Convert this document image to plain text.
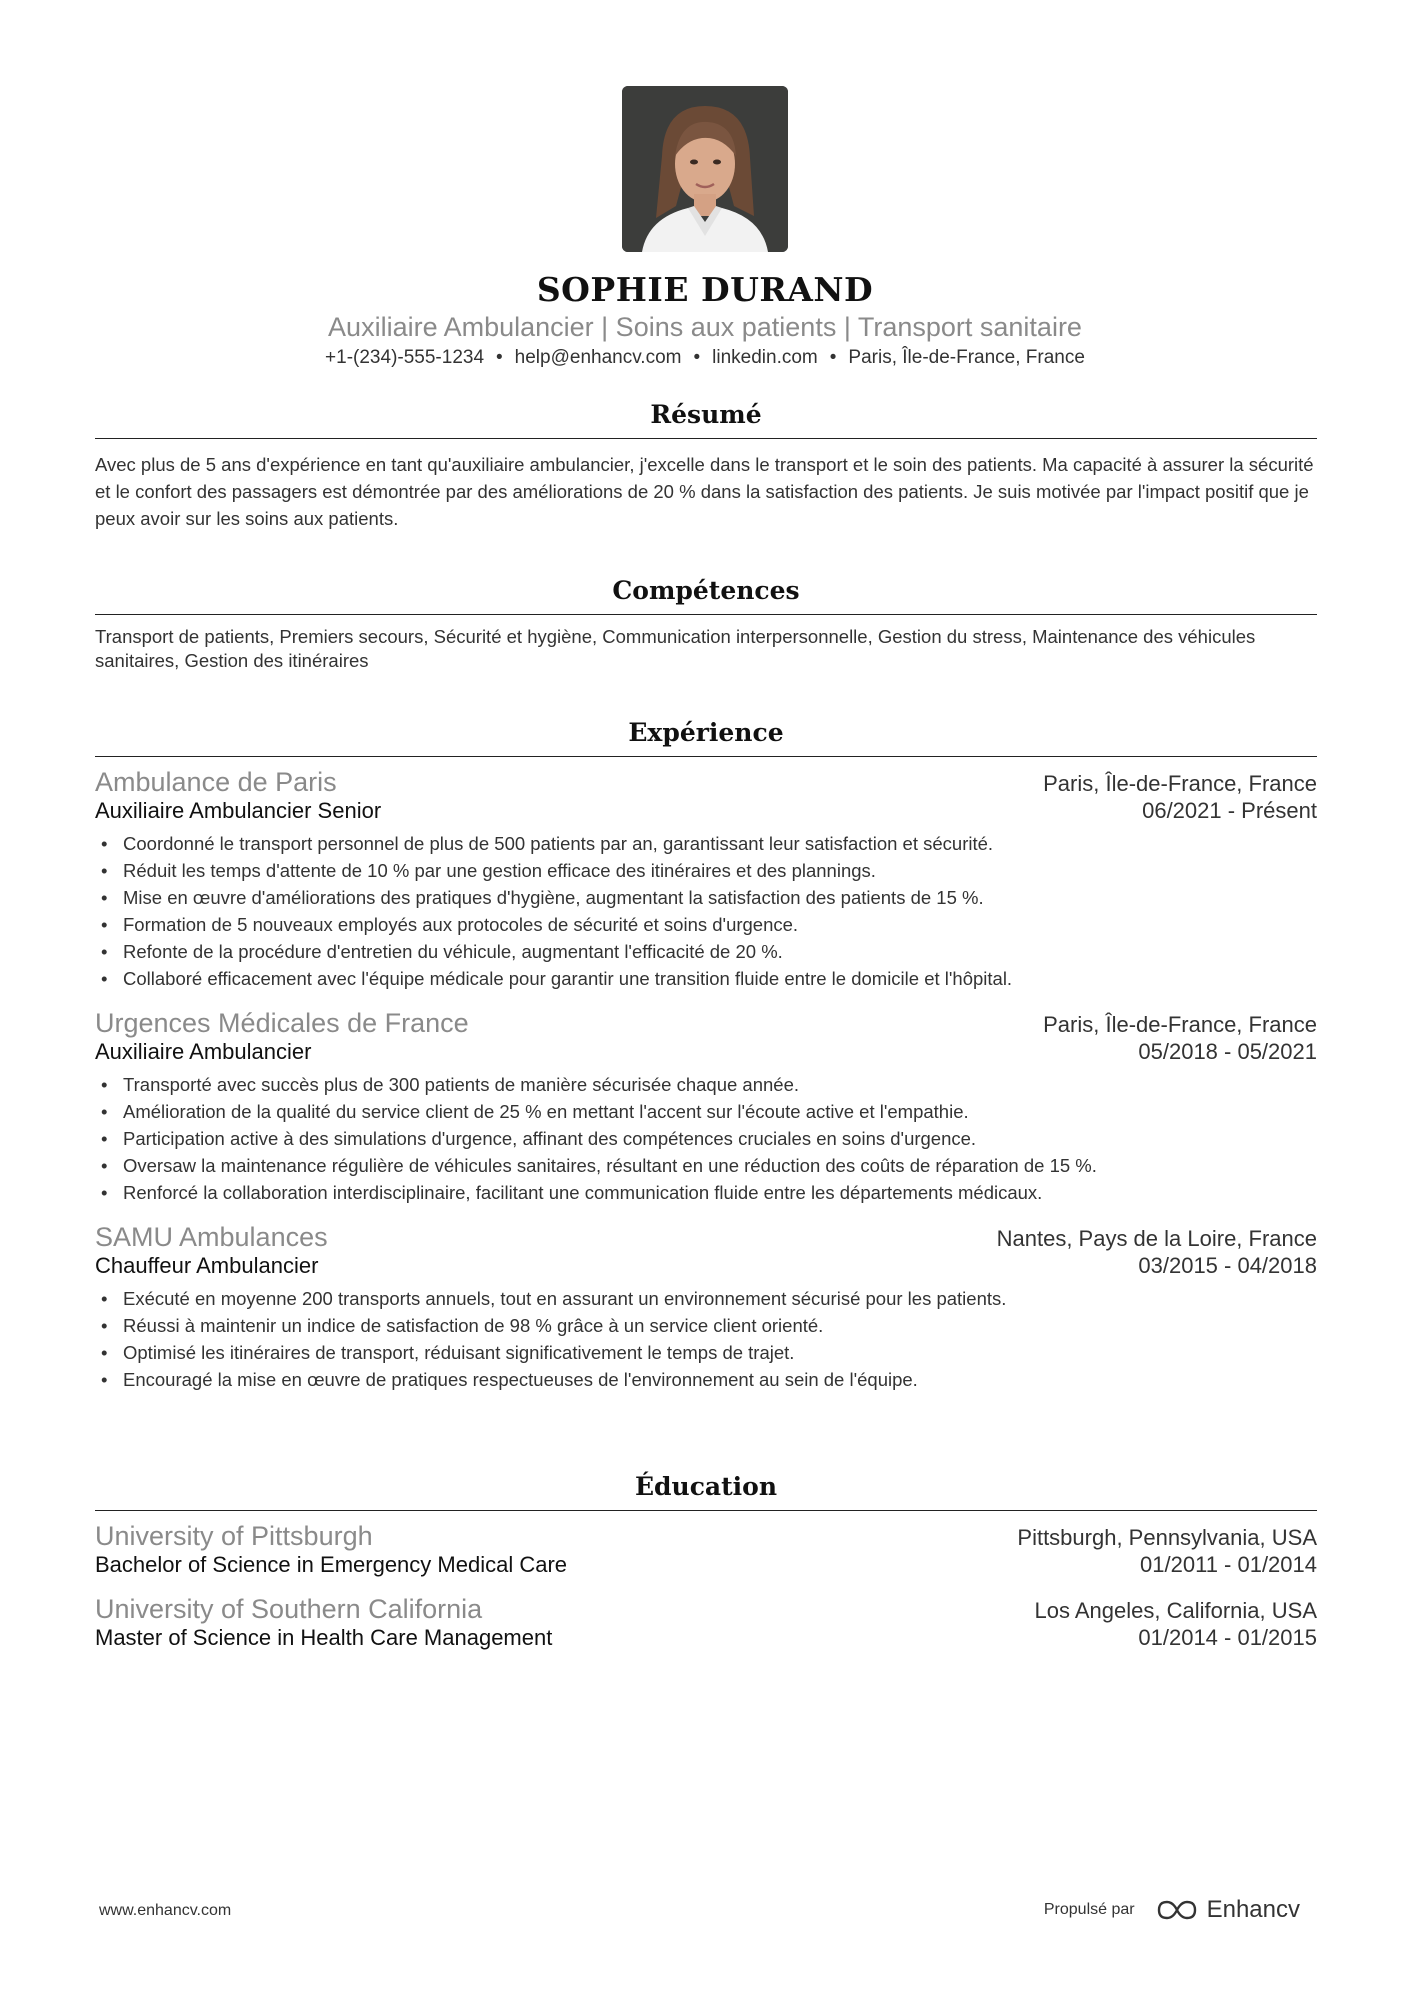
SOPHIE DURAND
Auxiliaire Ambulancier | Soins aux patients | Transport sanitaire
+1-(234)-555-1234 • help@enhancv.com • linkedin.com • Paris, Île-de-France, France
Résumé
Avec plus de 5 ans d'expérience en tant qu'auxiliaire ambulancier, j'excelle dans le transport et le soin des patients. Ma capacité à assurer la sécurité et le confort des passagers est démontrée par des améliorations de 20 % dans la satisfaction des patients. Je suis motivée par l'impact positif que je peux avoir sur les soins aux patients.
Compétences
Transport de patients, Premiers secours, Sécurité et hygiène, Communication interpersonnelle, Gestion du stress, Maintenance des véhicules sanitaires, Gestion des itinéraires
Expérience
Ambulance de Paris	Paris, Île-de-France, France
Auxiliaire Ambulancier Senior	06/2021 - Présent
• Coordonné le transport personnel de plus de 500 patients par an, garantissant leur satisfaction et sécurité.
• Réduit les temps d'attente de 10 % par une gestion efficace des itinéraires et des plannings.
• Mise en œuvre d'améliorations des pratiques d'hygiène, augmentant la satisfaction des patients de 15 %.
• Formation de 5 nouveaux employés aux protocoles de sécurité et soins d'urgence.
• Refonte de la procédure d'entretien du véhicule, augmentant l'efficacité de 20 %.
• Collaboré efficacement avec l'équipe médicale pour garantir une transition fluide entre le domicile et l'hôpital.
Urgences Médicales de France	Paris, Île-de-France, France
Auxiliaire Ambulancier	05/2018 - 05/2021
• Transporté avec succès plus de 300 patients de manière sécurisée chaque année.
• Amélioration de la qualité du service client de 25 % en mettant l'accent sur l'écoute active et l'empathie.
• Participation active à des simulations d'urgence, affinant des compétences cruciales en soins d'urgence.
• Oversaw la maintenance régulière de véhicules sanitaires, résultant en une réduction des coûts de réparation de 15 %.
• Renforcé la collaboration interdisciplinaire, facilitant une communication fluide entre les départements médicaux.
SAMU Ambulances	Nantes, Pays de la Loire, France
Chauffeur Ambulancier	03/2015 - 04/2018
• Exécuté en moyenne 200 transports annuels, tout en assurant un environnement sécurisé pour les patients.
• Réussi à maintenir un indice de satisfaction de 98 % grâce à un service client orienté.
• Optimisé les itinéraires de transport, réduisant significativement le temps de trajet.
• Encouragé la mise en œuvre de pratiques respectueuses de l'environnement au sein de l'équipe.
Éducation
University of Pittsburgh	Pittsburgh, Pennsylvania, USA
Bachelor of Science in Emergency Medical Care	01/2011 - 01/2014
University of Southern California	Los Angeles, California, USA
Master of Science in Health Care Management	01/2014 - 01/2015
www.enhancv.com	Propulsé par	Enhancv
